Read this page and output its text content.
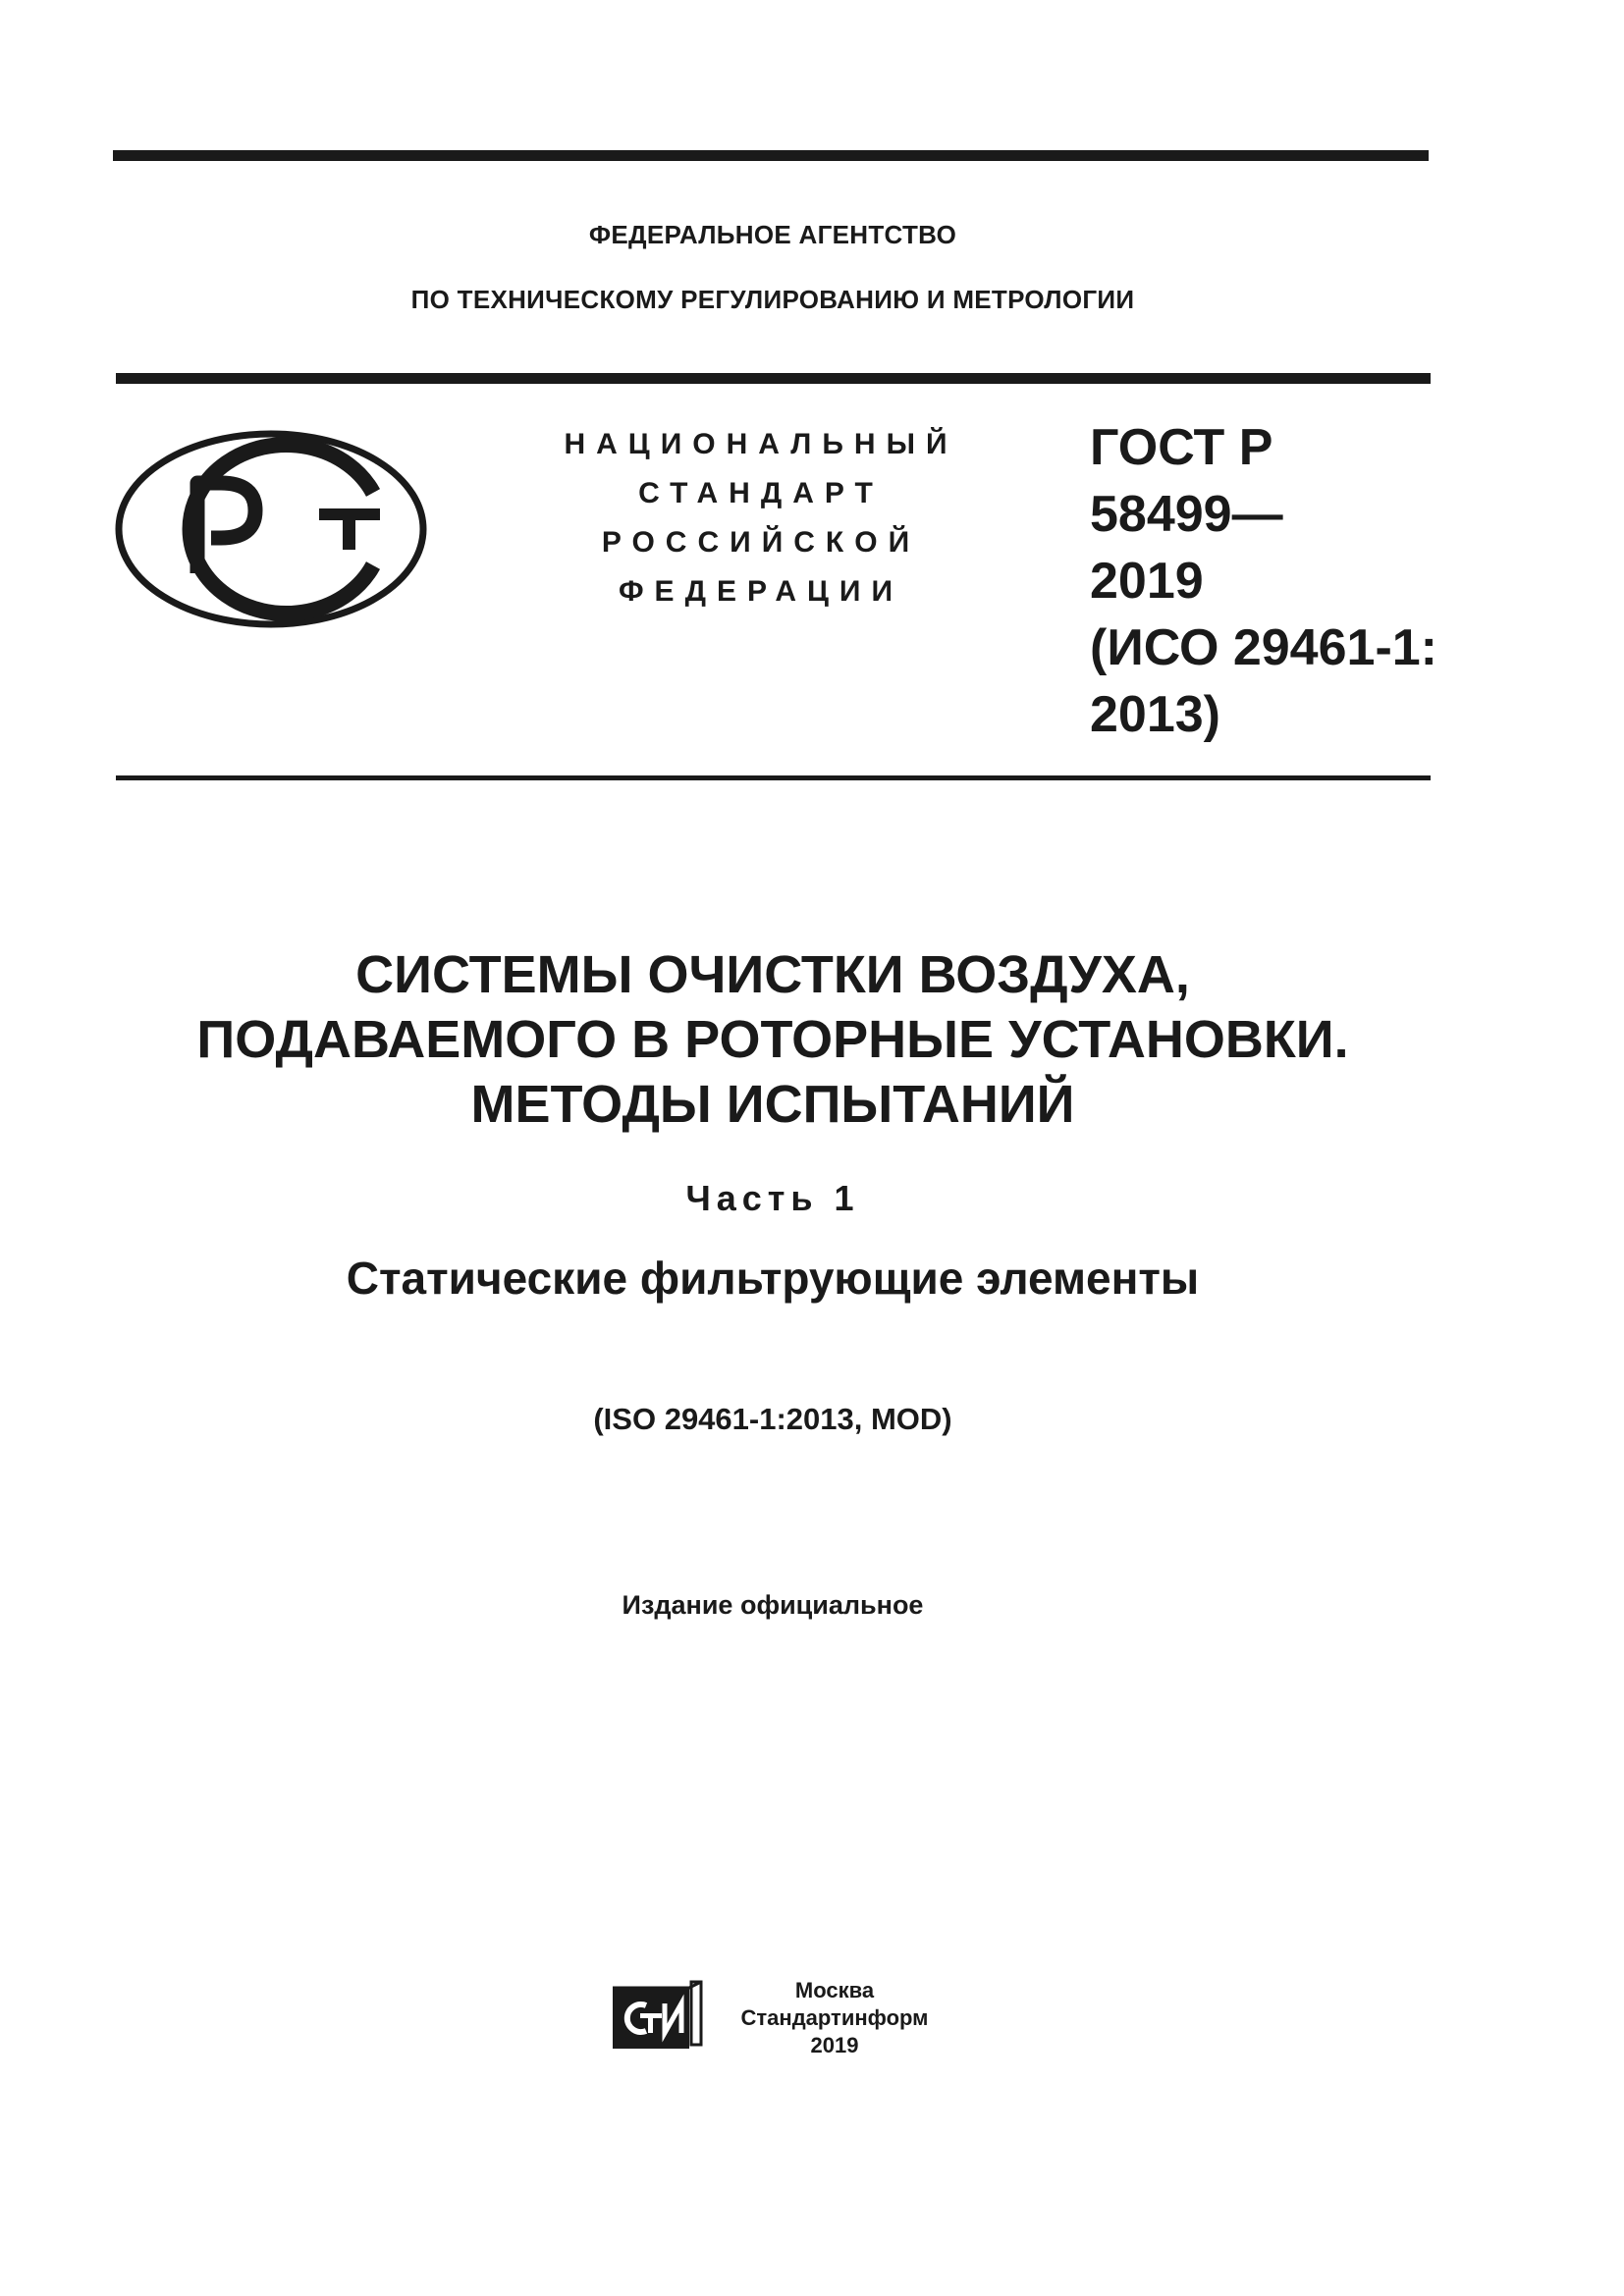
ФЕДЕРАЛЬНОЕ АГЕНТСТВО
ПО ТЕХНИЧЕСКОМУ РЕГУЛИРОВАНИЮ И МЕТРОЛОГИИ
НАЦИОНАЛЬНЫЙ
СТАНДАРТ
РОССИЙСКОЙ
ФЕДЕРАЦИИ
ГОСТ Р
58499—
2019
(ИСО 29461-1:
2013)
СИСТЕМЫ ОЧИСТКИ ВОЗДУХА,
ПОДАВАЕМОГО В РОТОРНЫЕ УСТАНОВКИ.
МЕТОДЫ ИСПЫТАНИЙ
Часть 1
Статические фильтрующие элементы
(ISO 29461-1:2013, MOD)
Издание официальное
Москва
Стандартинформ
2019
